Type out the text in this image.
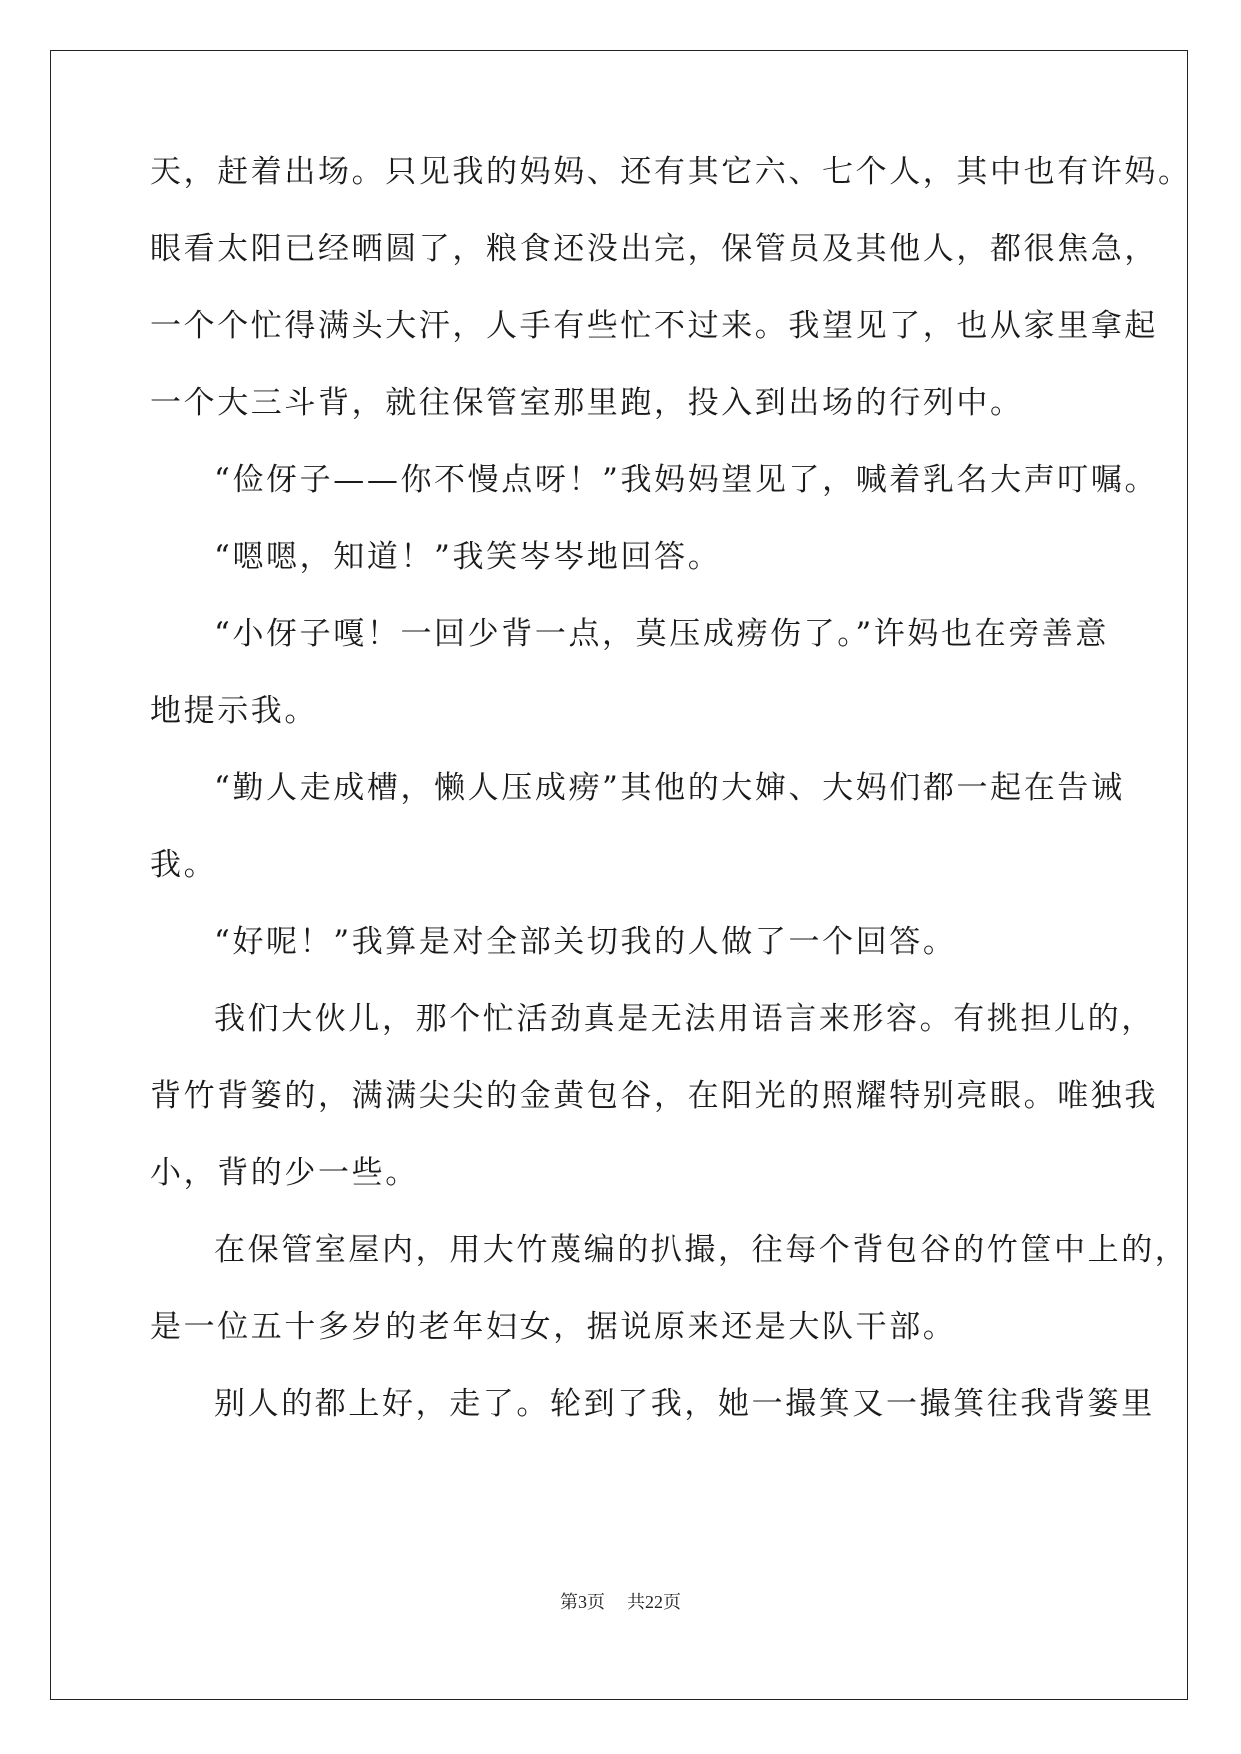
天，赶着出场。只见我的妈妈、还有其它六、七个人，其中也有许妈。
眼看太阳已经晒圆了，粮食还没出完，保管员及其他人，都很焦急，
一个个忙得满头大汗，人手有些忙不过来。我望见了，也从家里拿起
一个大三斗背，就往保管室那里跑，投入到出场的行列中。
“俭伢子——你不慢点呀！”我妈妈望见了，喊着乳名大声叮嘱。
“嗯嗯，知道！”我笑岑岑地回答。
“小伢子嘎！一回少背一点，莫压成痨伤了。”许妈也在旁善意
地提示我。
“勤人走成槽，懒人压成痨”其他的大婶、大妈们都一起在告诫
我。
“好呢！”我算是对全部关切我的人做了一个回答。
我们大伙儿，那个忙活劲真是无法用语言来形容。有挑担儿的，
背竹背篓的，满满尖尖的金黄包谷，在阳光的照耀特别亮眼。唯独我
小，背的少一些。
在保管室屋内，用大竹蔑编的扒撮，往每个背包谷的竹筐中上的，
是一位五十多岁的老年妇女，据说原来还是大队干部。
别人的都上好，走了。轮到了我，她一撮箕又一撮箕往我背篓里
第3页 共22页
